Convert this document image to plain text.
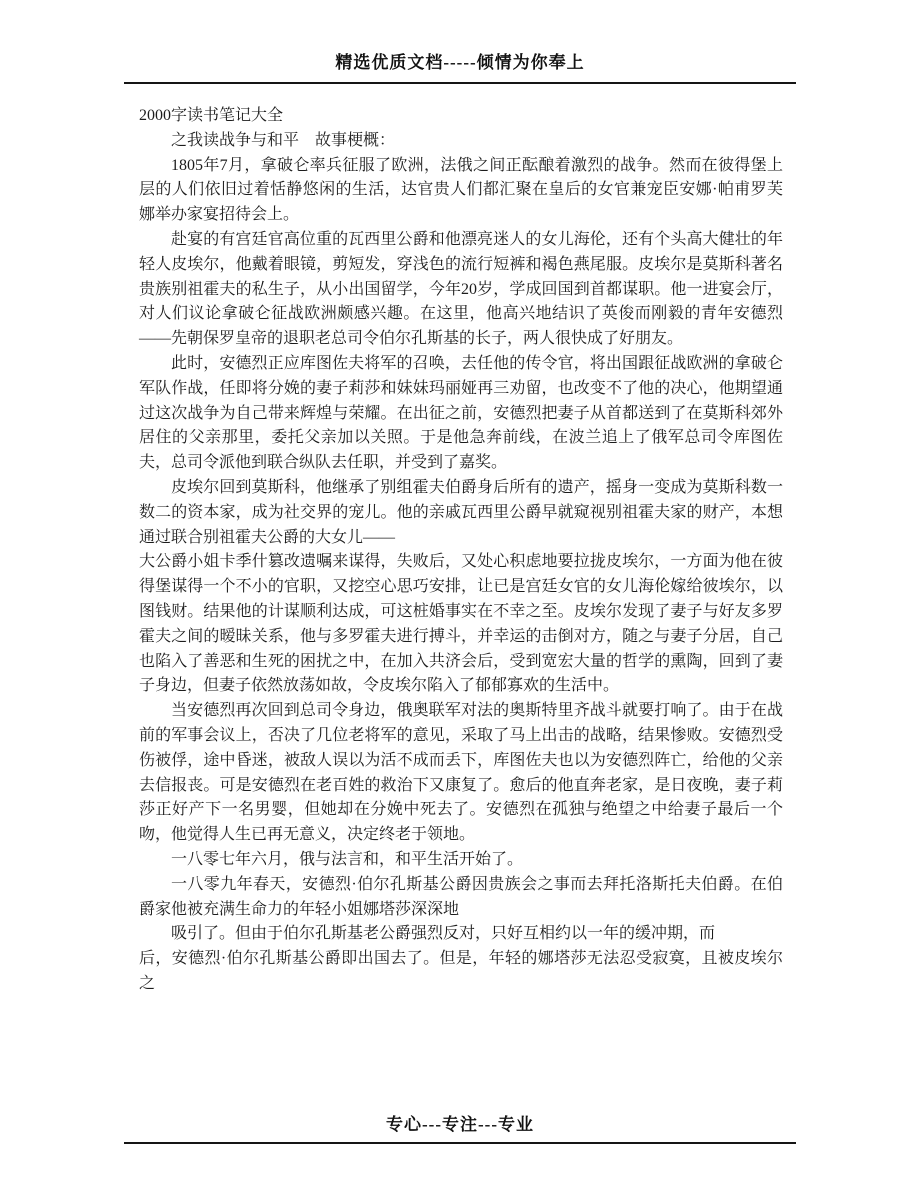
精选优质文档-----倾情为你奉上

2000字读书笔记大全

之我读战争与和平　故事梗概：

1805年7月，拿破仑率兵征服了欧洲，法俄之间正酝酿着激烈的战争。然而在彼得堡上层的人们依旧过着恬静悠闲的生活，达官贵人们都汇聚在皇后的女官兼宠臣安娜·帕甫罗芙娜举办家宴招待会上。

赴宴的有宫廷官高位重的瓦西里公爵和他漂亮迷人的女儿海伦，还有个头高大健壮的年轻人皮埃尔，他戴着眼镜，剪短发，穿浅色的流行短裤和褐色燕尾服。皮埃尔是莫斯科著名贵族别祖霍夫的私生子，从小出国留学，今年20岁，学成回国到首都谋职。他一进宴会厅，对人们议论拿破仑征战欧洲颇感兴趣。在这里，他高兴地结识了英俊而刚毅的青年安德烈——先朝保罗皇帝的退职老总司令伯尔孔斯基的长子，两人很快成了好朋友。

此时，安德烈正应库图佐夫将军的召唤，去任他的传令官，将出国跟征战欧洲的拿破仑军队作战，任即将分娩的妻子莉莎和妹妹玛丽娅再三劝留，也改变不了他的决心，他期望通过这次战争为自己带来辉煌与荣耀。在出征之前，安德烈把妻子从首都送到了在莫斯科郊外居住的父亲那里，委托父亲加以关照。于是他急奔前线，在波兰追上了俄军总司令库图佐夫，总司令派他到联合纵队去任职，并受到了嘉奖。

皮埃尔回到莫斯科，他继承了别组霍夫伯爵身后所有的遗产，摇身一变成为莫斯科数一数二的资本家，成为社交界的宠儿。他的亲戚瓦西里公爵早就窥视别祖霍夫家的财产，本想通过联合别祖霍夫公爵的大女儿——

大公爵小姐卡季什篡改遗嘱来谋得，失败后，又处心积虑地要拉拢皮埃尔，一方面为他在彼得堡谋得一个不小的官职，又挖空心思巧安排，让已是宫廷女官的女儿海伦嫁给彼埃尔，以图钱财。结果他的计谋顺利达成，可这桩婚事实在不幸之至。皮埃尔发现了妻子与好友多罗霍夫之间的暧昧关系，他与多罗霍夫进行搏斗，并幸运的击倒对方，随之与妻子分居，自己也陷入了善恶和生死的困扰之中，在加入共济会后，受到宽宏大量的哲学的熏陶，回到了妻子身边，但妻子依然放荡如故，令皮埃尔陷入了郁郁寡欢的生活中。

当安德烈再次回到总司令身边，俄奥联军对法的奥斯特里齐战斗就要打响了。由于在战前的军事会议上，否决了几位老将军的意见，采取了马上出击的战略，结果惨败。安德烈受伤被俘，途中昏迷，被敌人误以为活不成而丢下，库图佐夫也以为安德烈阵亡，给他的父亲去信报丧。可是安德烈在老百姓的救治下又康复了。愈后的他直奔老家，是日夜晚，妻子莉莎正好产下一名男婴，但她却在分娩中死去了。安德烈在孤独与绝望之中给妻子最后一个吻，他觉得人生已再无意义，决定终老于领地。

一八零七年六月，俄与法言和，和平生活开始了。

一八零九年春天，安德烈·伯尔孔斯基公爵因贵族会之事而去拜托洛斯托夫伯爵。在伯爵家他被充满生命力的年轻小姐娜塔莎深深地

吸引了。但由于伯尔孔斯基老公爵强烈反对，只好互相约以一年的缓冲期，而

后，安德烈·伯尔孔斯基公爵即出国去了。但是，年轻的娜塔莎无法忍受寂寞，且被皮埃尔之

专心---专注---专业
